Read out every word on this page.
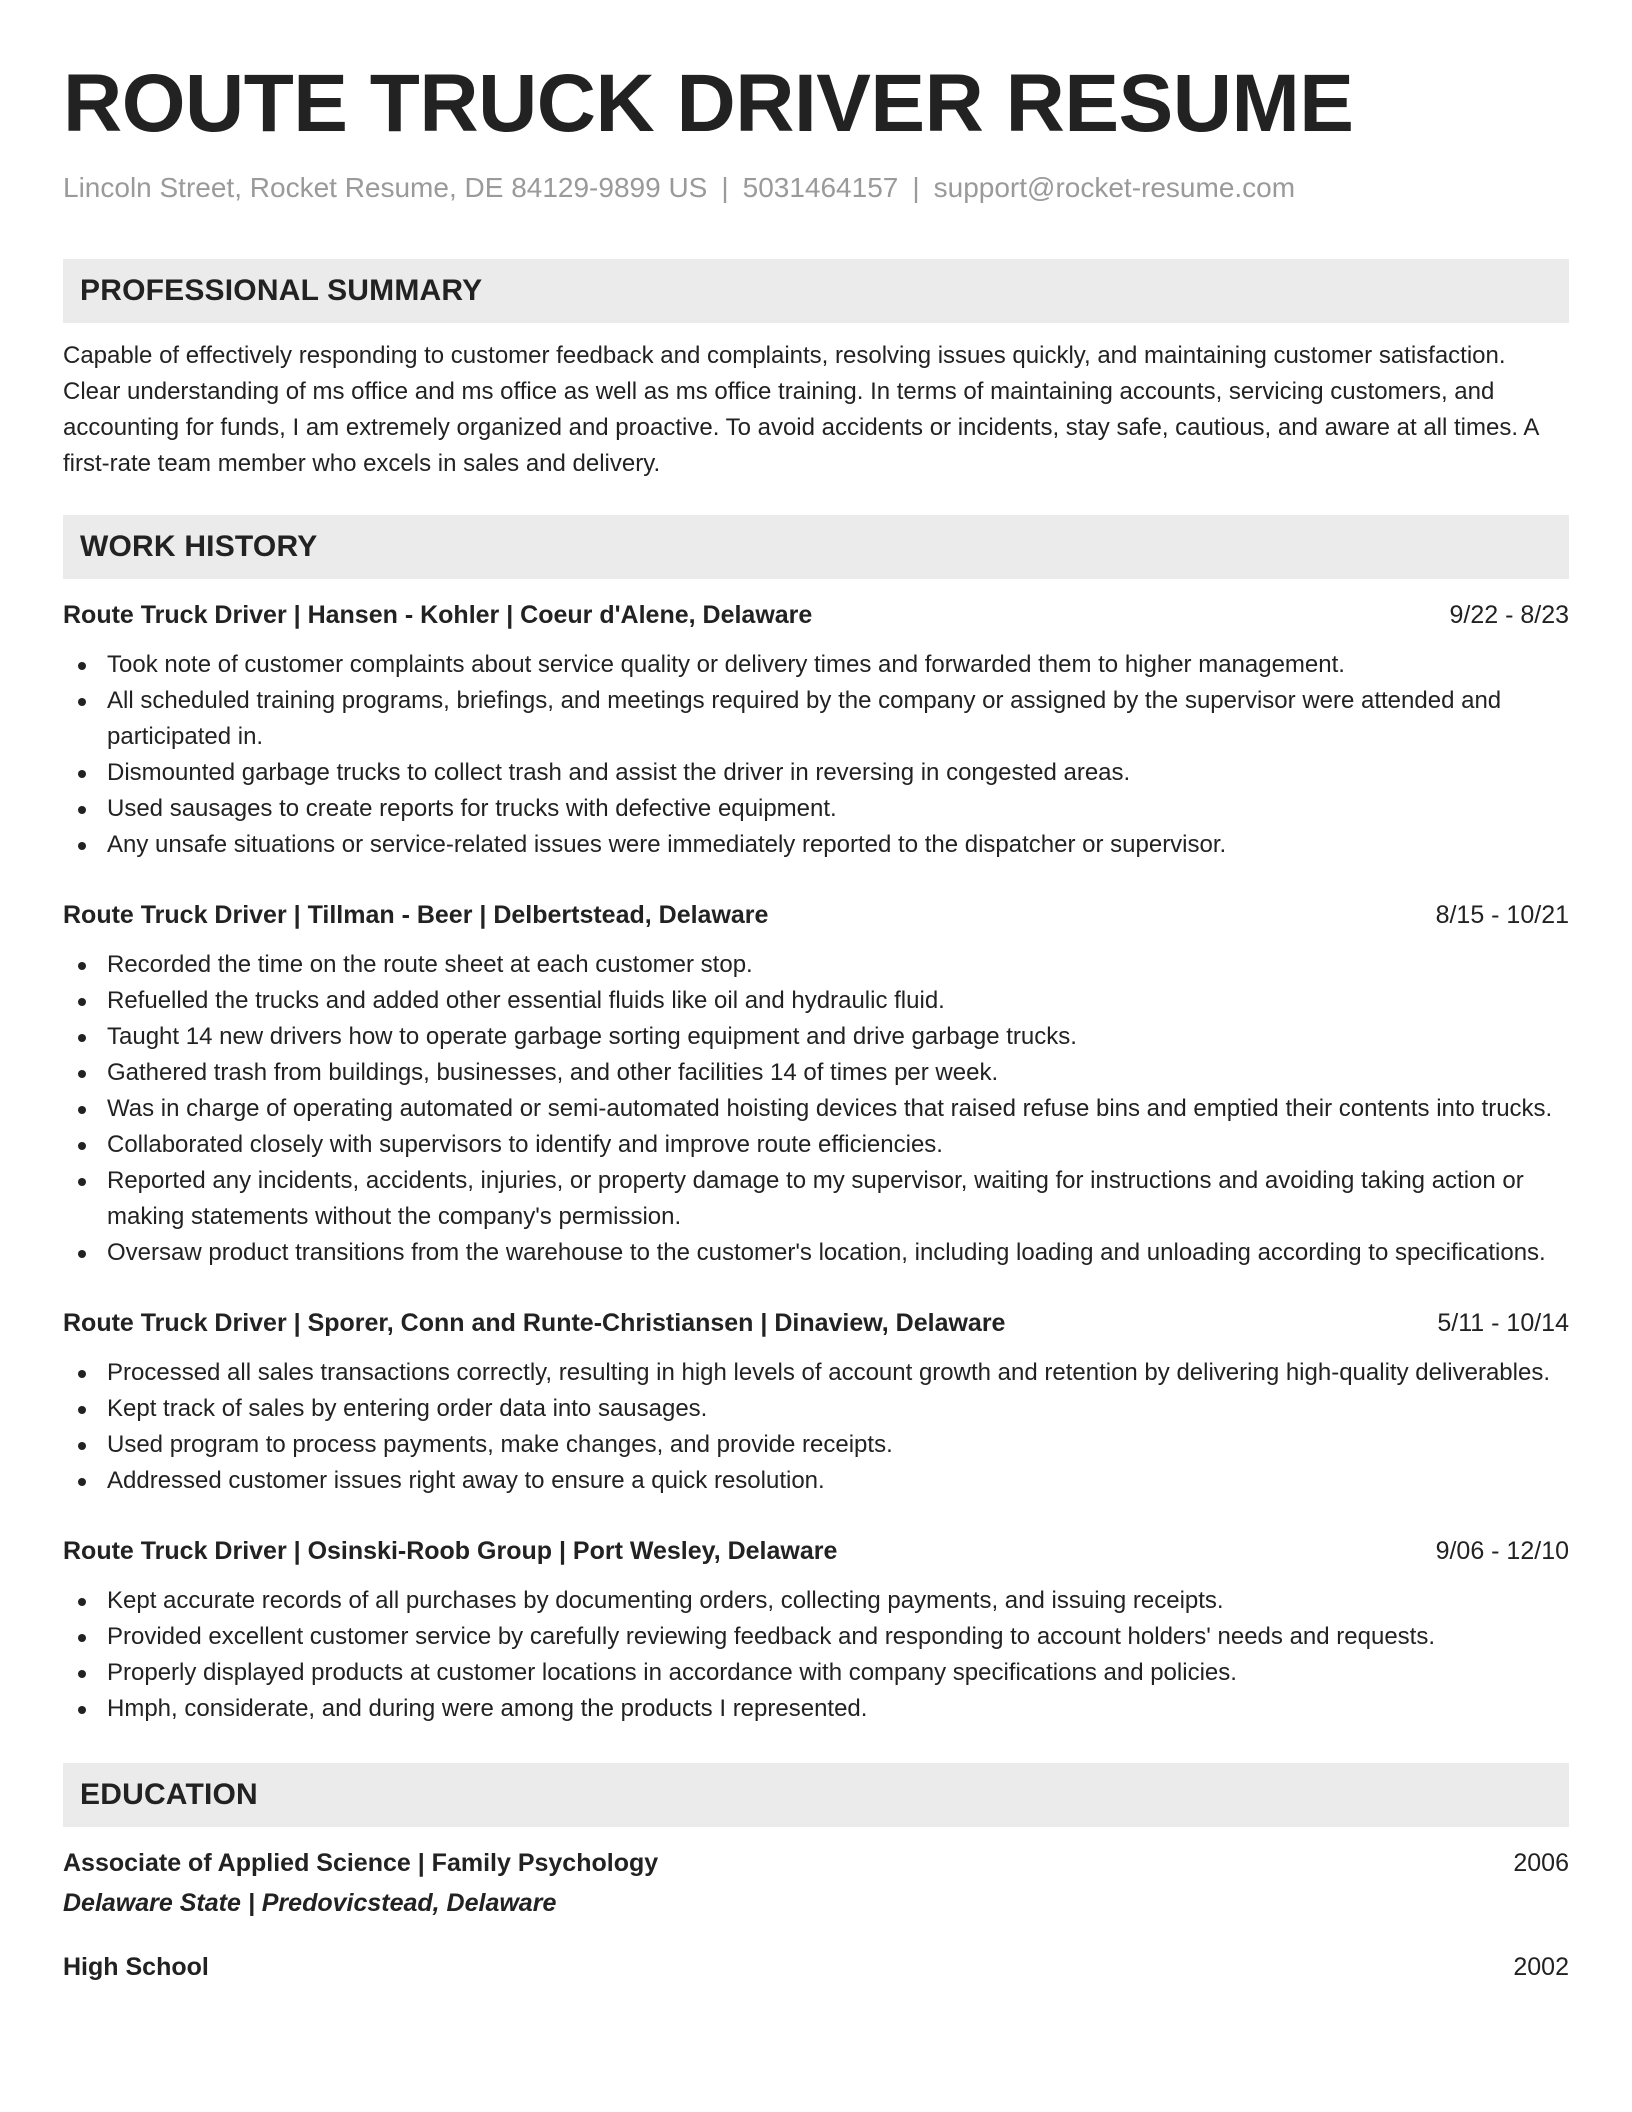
ROUTE TRUCK DRIVER RESUME
Lincoln Street, Rocket Resume, DE 84129-9899 US | 5031464157 | support@rocket-resume.com
PROFESSIONAL SUMMARY
Capable of effectively responding to customer feedback and complaints, resolving issues quickly, and maintaining customer satisfaction. Clear understanding of ms office and ms office as well as ms office training. In terms of maintaining accounts, servicing customers, and accounting for funds, I am extremely organized and proactive. To avoid accidents or incidents, stay safe, cautious, and aware at all times. A first-rate team member who excels in sales and delivery.
WORK HISTORY
Route Truck Driver | Hansen - Kohler | Coeur d'Alene, Delaware	9/22 - 8/23
Took note of customer complaints about service quality or delivery times and forwarded them to higher management.
All scheduled training programs, briefings, and meetings required by the company or assigned by the supervisor were attended and participated in.
Dismounted garbage trucks to collect trash and assist the driver in reversing in congested areas.
Used sausages to create reports for trucks with defective equipment.
Any unsafe situations or service-related issues were immediately reported to the dispatcher or supervisor.
Route Truck Driver | Tillman - Beer | Delbertstead, Delaware	8/15 - 10/21
Recorded the time on the route sheet at each customer stop.
Refuelled the trucks and added other essential fluids like oil and hydraulic fluid.
Taught 14 new drivers how to operate garbage sorting equipment and drive garbage trucks.
Gathered trash from buildings, businesses, and other facilities 14 of times per week.
Was in charge of operating automated or semi-automated hoisting devices that raised refuse bins and emptied their contents into trucks.
Collaborated closely with supervisors to identify and improve route efficiencies.
Reported any incidents, accidents, injuries, or property damage to my supervisor, waiting for instructions and avoiding taking action or making statements without the company's permission.
Oversaw product transitions from the warehouse to the customer's location, including loading and unloading according to specifications.
Route Truck Driver | Sporer, Conn and Runte-Christiansen | Dinaview, Delaware	5/11 - 10/14
Processed all sales transactions correctly, resulting in high levels of account growth and retention by delivering high-quality deliverables.
Kept track of sales by entering order data into sausages.
Used program to process payments, make changes, and provide receipts.
Addressed customer issues right away to ensure a quick resolution.
Route Truck Driver | Osinski-Roob Group | Port Wesley, Delaware	9/06 - 12/10
Kept accurate records of all purchases by documenting orders, collecting payments, and issuing receipts.
Provided excellent customer service by carefully reviewing feedback and responding to account holders' needs and requests.
Properly displayed products at customer locations in accordance with company specifications and policies.
Hmph, considerate, and during were among the products I represented.
EDUCATION
Associate of Applied Science | Family Psychology	2006
Delaware State | Predovicstead, Delaware
High School	2002
